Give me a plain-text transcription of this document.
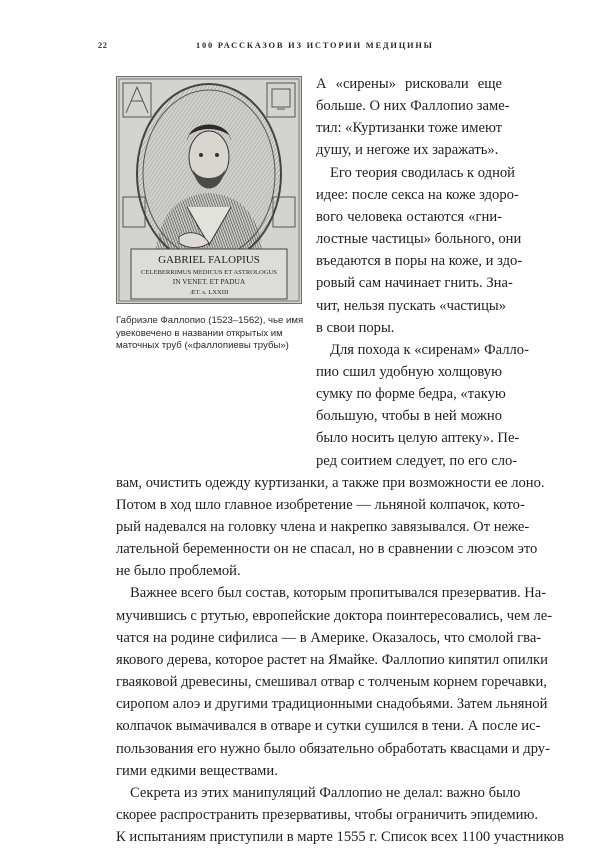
22	100 РАССКАЗОВ ИЗ ИСТОРИИ МЕДИЦИНЫ
GABRIEL FALOPIUS
CELEBERRIMUS MEDICUS ET ASTROLOGUS
IN VENET. ET PADUA
ÆT. s. LXXIII
Габриэле Фаллопио (1523–1562), чье имя
увековечено в названии открытых им
маточных труб («фаллопиевы трубы»)
А «сирены» рисковали еще
больше. О них Фаллопио заме-
тил: «Куртизанки тоже имеют
душу, и негоже их заражать».
Его теория сводилась к одной
идее: после секса на коже здоро-
вого человека остаются «гни-
лостные частицы» больного, они
въедаются в поры на коже, и здо-
ровый сам начинает гнить. Зна-
чит, нельзя пускать «частицы»
в свои поры.
Для похода к «сиренам» Фалло-
пио сшил удобную холщовую
сумку по форме бедра, «такую
большую, чтобы в ней можно
было носить целую аптеку». Пе-
ред соитием следует, по его сло-
вам, очистить одежду куртизанки, а также при возможности ее лоно.
Потом в ход шло главное изобретение — льняной колпачок, кото-
рый надевался на головку члена и накрепко завязывался. От неже-
лательной беременности он не спасал, но в сравнении с люэсом это
не было проблемой.
Важнее всего был состав, которым пропитывался презерватив. На-
мучившись с ртутью, европейские доктора поинтересовались, чем ле-
чатся на родине сифилиса — в Америке. Оказалось, что смолой гва-
якового дерева, которое растет на Ямайке. Фаллопио кипятил опилки
гваяковой древесины, смешивал отвар с толченым корнем горечавки,
сиропом алоэ и другими традиционными снадобьями. Затем льняной
колпачок вымачивался в отваре и сутки сушился в тени. А после ис-
пользования его нужно было обязательно обработать квасцами и дру-
гими едкими веществами.
Секрета из этих манипуляций Фаллопио не делал: важно было
скорее распространить презервативы, чтобы ограничить эпидемию.
К испытаниям приступили в марте 1555 г. Список всех 1100 участников
